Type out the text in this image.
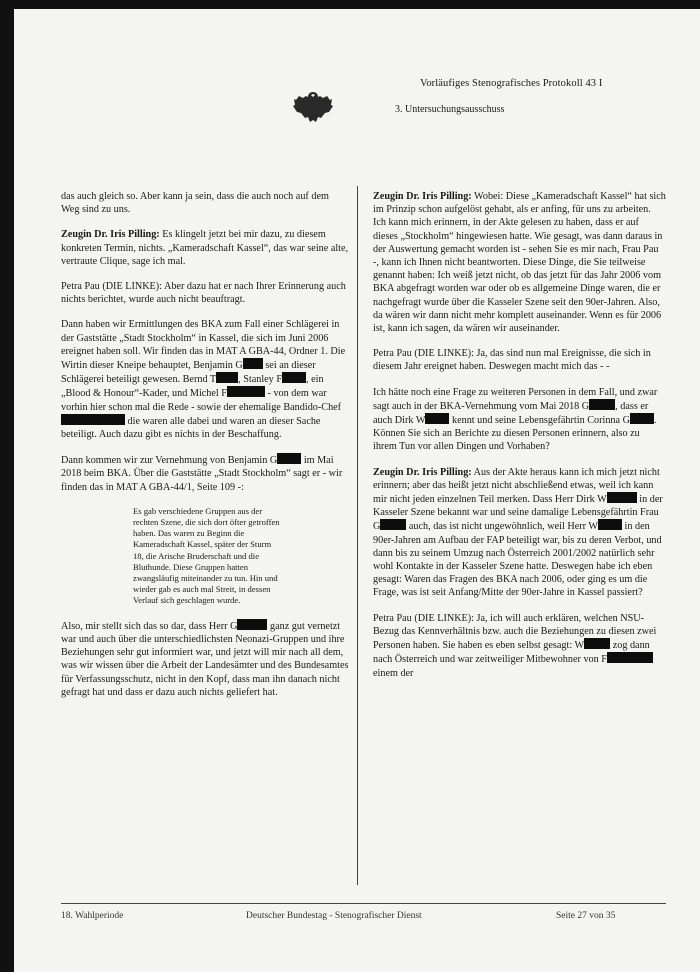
Vorläufiges Stenografisches Protokoll 43 I
3. Untersuchungsausschuss

das auch gleich so. Aber kann ja sein, dass die auch noch auf dem Weg sind zu uns.

Zeugin Dr. Iris Pilling: Es klingelt jetzt bei mir dazu, zu diesem konkreten Termin, nichts. „Kameradschaft Kassel“, das war seine alte, vertraute Clique, sage ich mal.

Petra Pau (DIE LINKE): Aber dazu hat er nach Ihrer Erinnerung auch nichts berichtet, wurde auch nicht beauftragt.

Dann haben wir Ermittlungen des BKA zum Fall einer Schlägerei in der Gaststätte „Stadt Stockholm“ in Kassel, die sich im Juni 2006 ereignet haben soll. Wir finden das in MAT A GBA-44, Ordner 1. Die Wirtin dieser Kneipe behauptet, Benjamin G sei an dieser Schlägerei beteiligt gewesen. Bernd T , Stanley F , ein „Blood & Honour“-Kader, und Michel F	- von dem war vorhin hier schon mal die Rede - sowie der ehemalige Bandido-Chef  die waren alle dabei und waren an dieser Sache beteiligt. Auch dazu gibt es nichts in der Beschaffung.

Dann kommen wir zur Vernehmung von Benjamin G im Mai 2018 beim BKA. Über die Gaststätte „Stadt Stockholm“ sagt er - wir finden das in MAT A GBA-44/1, Seite 109 -:

Es gab verschiedene Gruppen aus der rechten Szene, die sich dort öfter getroffen haben. Das waren zu Beginn die Kameradschaft Kassel, später der Sturm 18, die Arische Bruderschaft und die Bluthunde. Diese Gruppen hatten zwangsläufig miteinander zu tun. Hin und wieder gab es auch mal Streit, in dessen Verlauf sich geschlagen wurde.

Also, mir stellt sich das so dar, dass Herr G	ganz gut vernetzt war und auch über die unterschiedlichsten Neonazi-Gruppen und ihre Beziehungen sehr gut informiert war, und jetzt will mir nach all dem, was wir wissen über die Arbeit der Landesämter und des Bundesamtes für Verfassungsschutz, nicht in den Kopf, dass man ihn danach nicht gefragt hat und dass er dazu auch nichts geliefert hat.

Zeugin Dr. Iris Pilling: Wobei: Diese „Kameradschaft Kassel“ hat sich im Prinzip schon aufgelöst gehabt, als er anfing, für uns zu arbeiten. Ich kann mich erinnern, in der Akte gelesen zu haben, dass er auf dieses „Stockholm“ hingewiesen hatte. Wie gesagt, was dann daraus in der Auswertung gemacht worden ist - sehen Sie es mir nach, Frau Pau -, kann ich Ihnen nicht beantworten. Diese Dinge, die Sie teilweise genannt haben: Ich weiß jetzt nicht, ob das jetzt für das Jahr 2006 vom BKA abgefragt worden war oder ob es allgemeine Dinge waren, die er nachgefragt wurde über die Kasseler Szene seit den 90er-Jahren. Also, da wären wir dann nicht mehr komplett auseinander. Wenn es für 2006 ist, kann ich sagen, da wären wir auseinander.

Petra Pau (DIE LINKE): Ja, das sind nun mal Ereignisse, die sich in diesem Jahr ereignet haben. Deswegen macht mich das - -

Ich hätte noch eine Frage zu weiteren Personen in dem Fall, und zwar sagt auch in der BKA-Vernehmung vom Mai 2018 G	, dass er auch Dirk W kennt und seine Lebensgefährtin Corinna G . Können Sie sich an Berichte zu diesen Personen erinnern, also zu ihrem Tun vor allen Dingen und Vorhaben?

Zeugin Dr. Iris Pilling: Aus der Akte heraus kann ich mich jetzt nicht erinnern; aber das heißt jetzt nicht abschließend etwas, weil ich kann mir nicht jeden einzelnen Teil merken. Dass Herr Dirk W	in der Kasseler Szene bekannt war und seine damalige Lebensgefährtin Frau G	auch, das ist nicht ungewöhnlich, weil Herr W in den 90er-Jahren am Aufbau der FAP beteiligt war, bis zu deren Verbot, und dann bis zu seinem Umzug nach Österreich 2001/2002 natürlich sehr wohl Kontakte in der Kasseler Szene hatte. Deswegen habe ich eben gesagt: Waren das Fragen des BKA nach 2006, oder ging es um die Frage, was ist seit Anfang/Mitte der 90er-Jahre in Kassel passiert?

Petra Pau (DIE LINKE): Ja, ich will auch erklären, welchen NSU-Bezug das Kennverhältnis bzw. auch die Beziehungen zu diesen zwei Personen haben. Sie haben es eben selbst gesagt: W	zog dann nach Österreich und war zeitweiliger Mitbewohner von F einem der

18. Wahlperiode	Deutscher Bundestag - Stenografischer Dienst	Seite 27 von 35
